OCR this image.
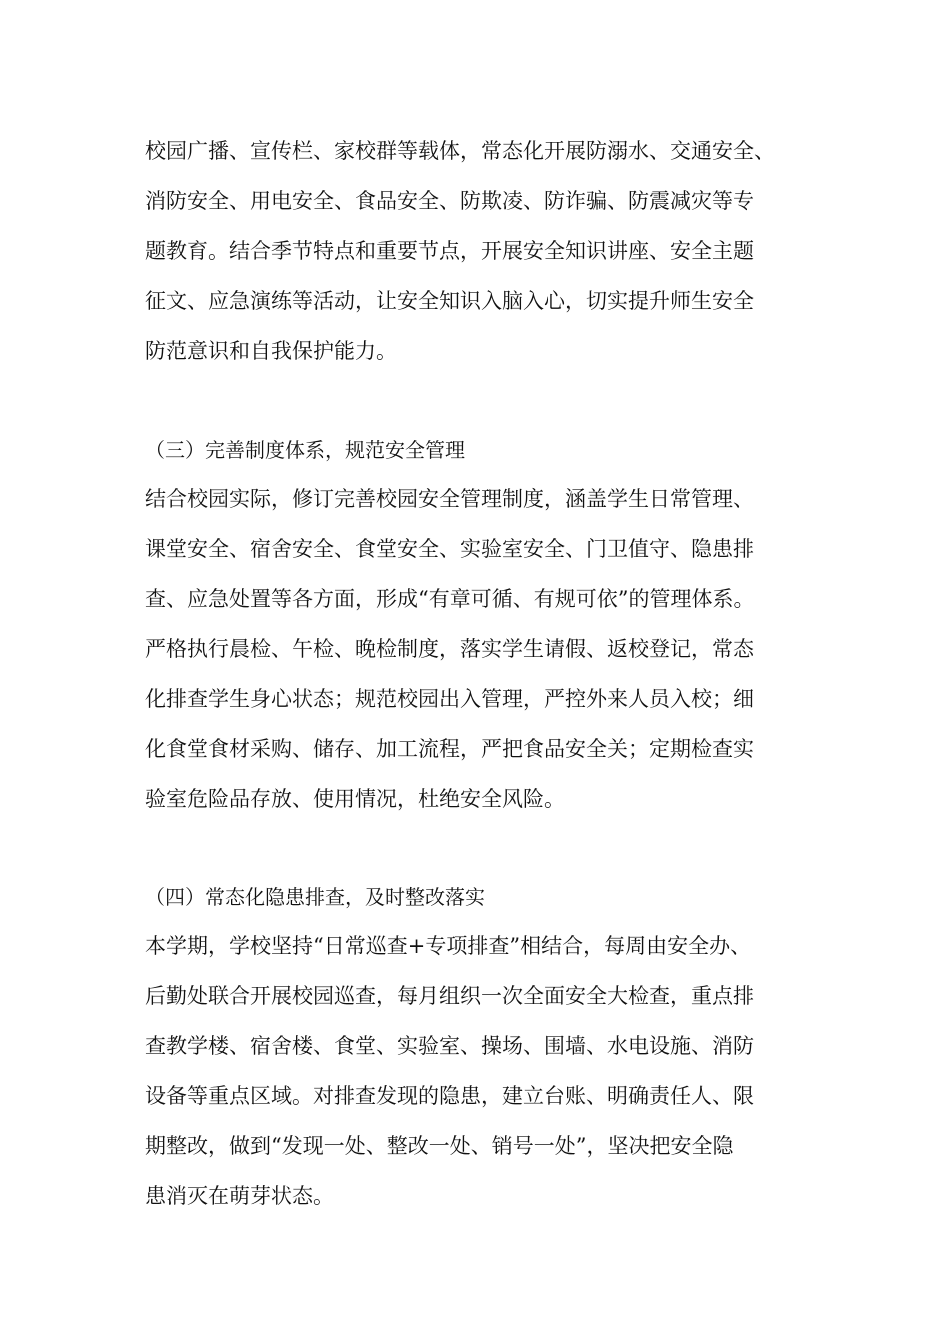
校园广播、宣传栏、家校群等载体，常态化开展防溺水、交通安全、
消防安全、用电安全、食品安全、防欺凌、防诈骗、防震减灾等专
题教育。结合季节特点和重要节点，开展安全知识讲座、安全主题
征文、应急演练等活动，让安全知识入脑入心，切实提升师生安全
防范意识和自我保护能力。
（三）完善制度体系，规范安全管理
结合校园实际，修订完善校园安全管理制度，涵盖学生日常管理、
课堂安全、宿舍安全、食堂安全、实验室安全、门卫值守、隐患排
查、应急处置等各方面，形成“有章可循、有规可依”的管理体系。
严格执行晨检、午检、晚检制度，落实学生请假、返校登记，常态
化排查学生身心状态；规范校园出入管理，严控外来人员入校；细
化食堂食材采购、储存、加工流程，严把食品安全关；定期检查实
验室危险品存放、使用情况，杜绝安全风险。
（四）常态化隐患排查，及时整改落实
本学期，学校坚持“日常巡查+专项排查”相结合，每周由安全办、
后勤处联合开展校园巡查，每月组织一次全面安全大检查，重点排
查教学楼、宿舍楼、食堂、实验室、操场、围墙、水电设施、消防
设备等重点区域。对排查发现的隐患，建立台账、明确责任人、限
期整改，做到“发现一处、整改一处、销号一处”，坚决把安全隐
患消灭在萌芽状态。
